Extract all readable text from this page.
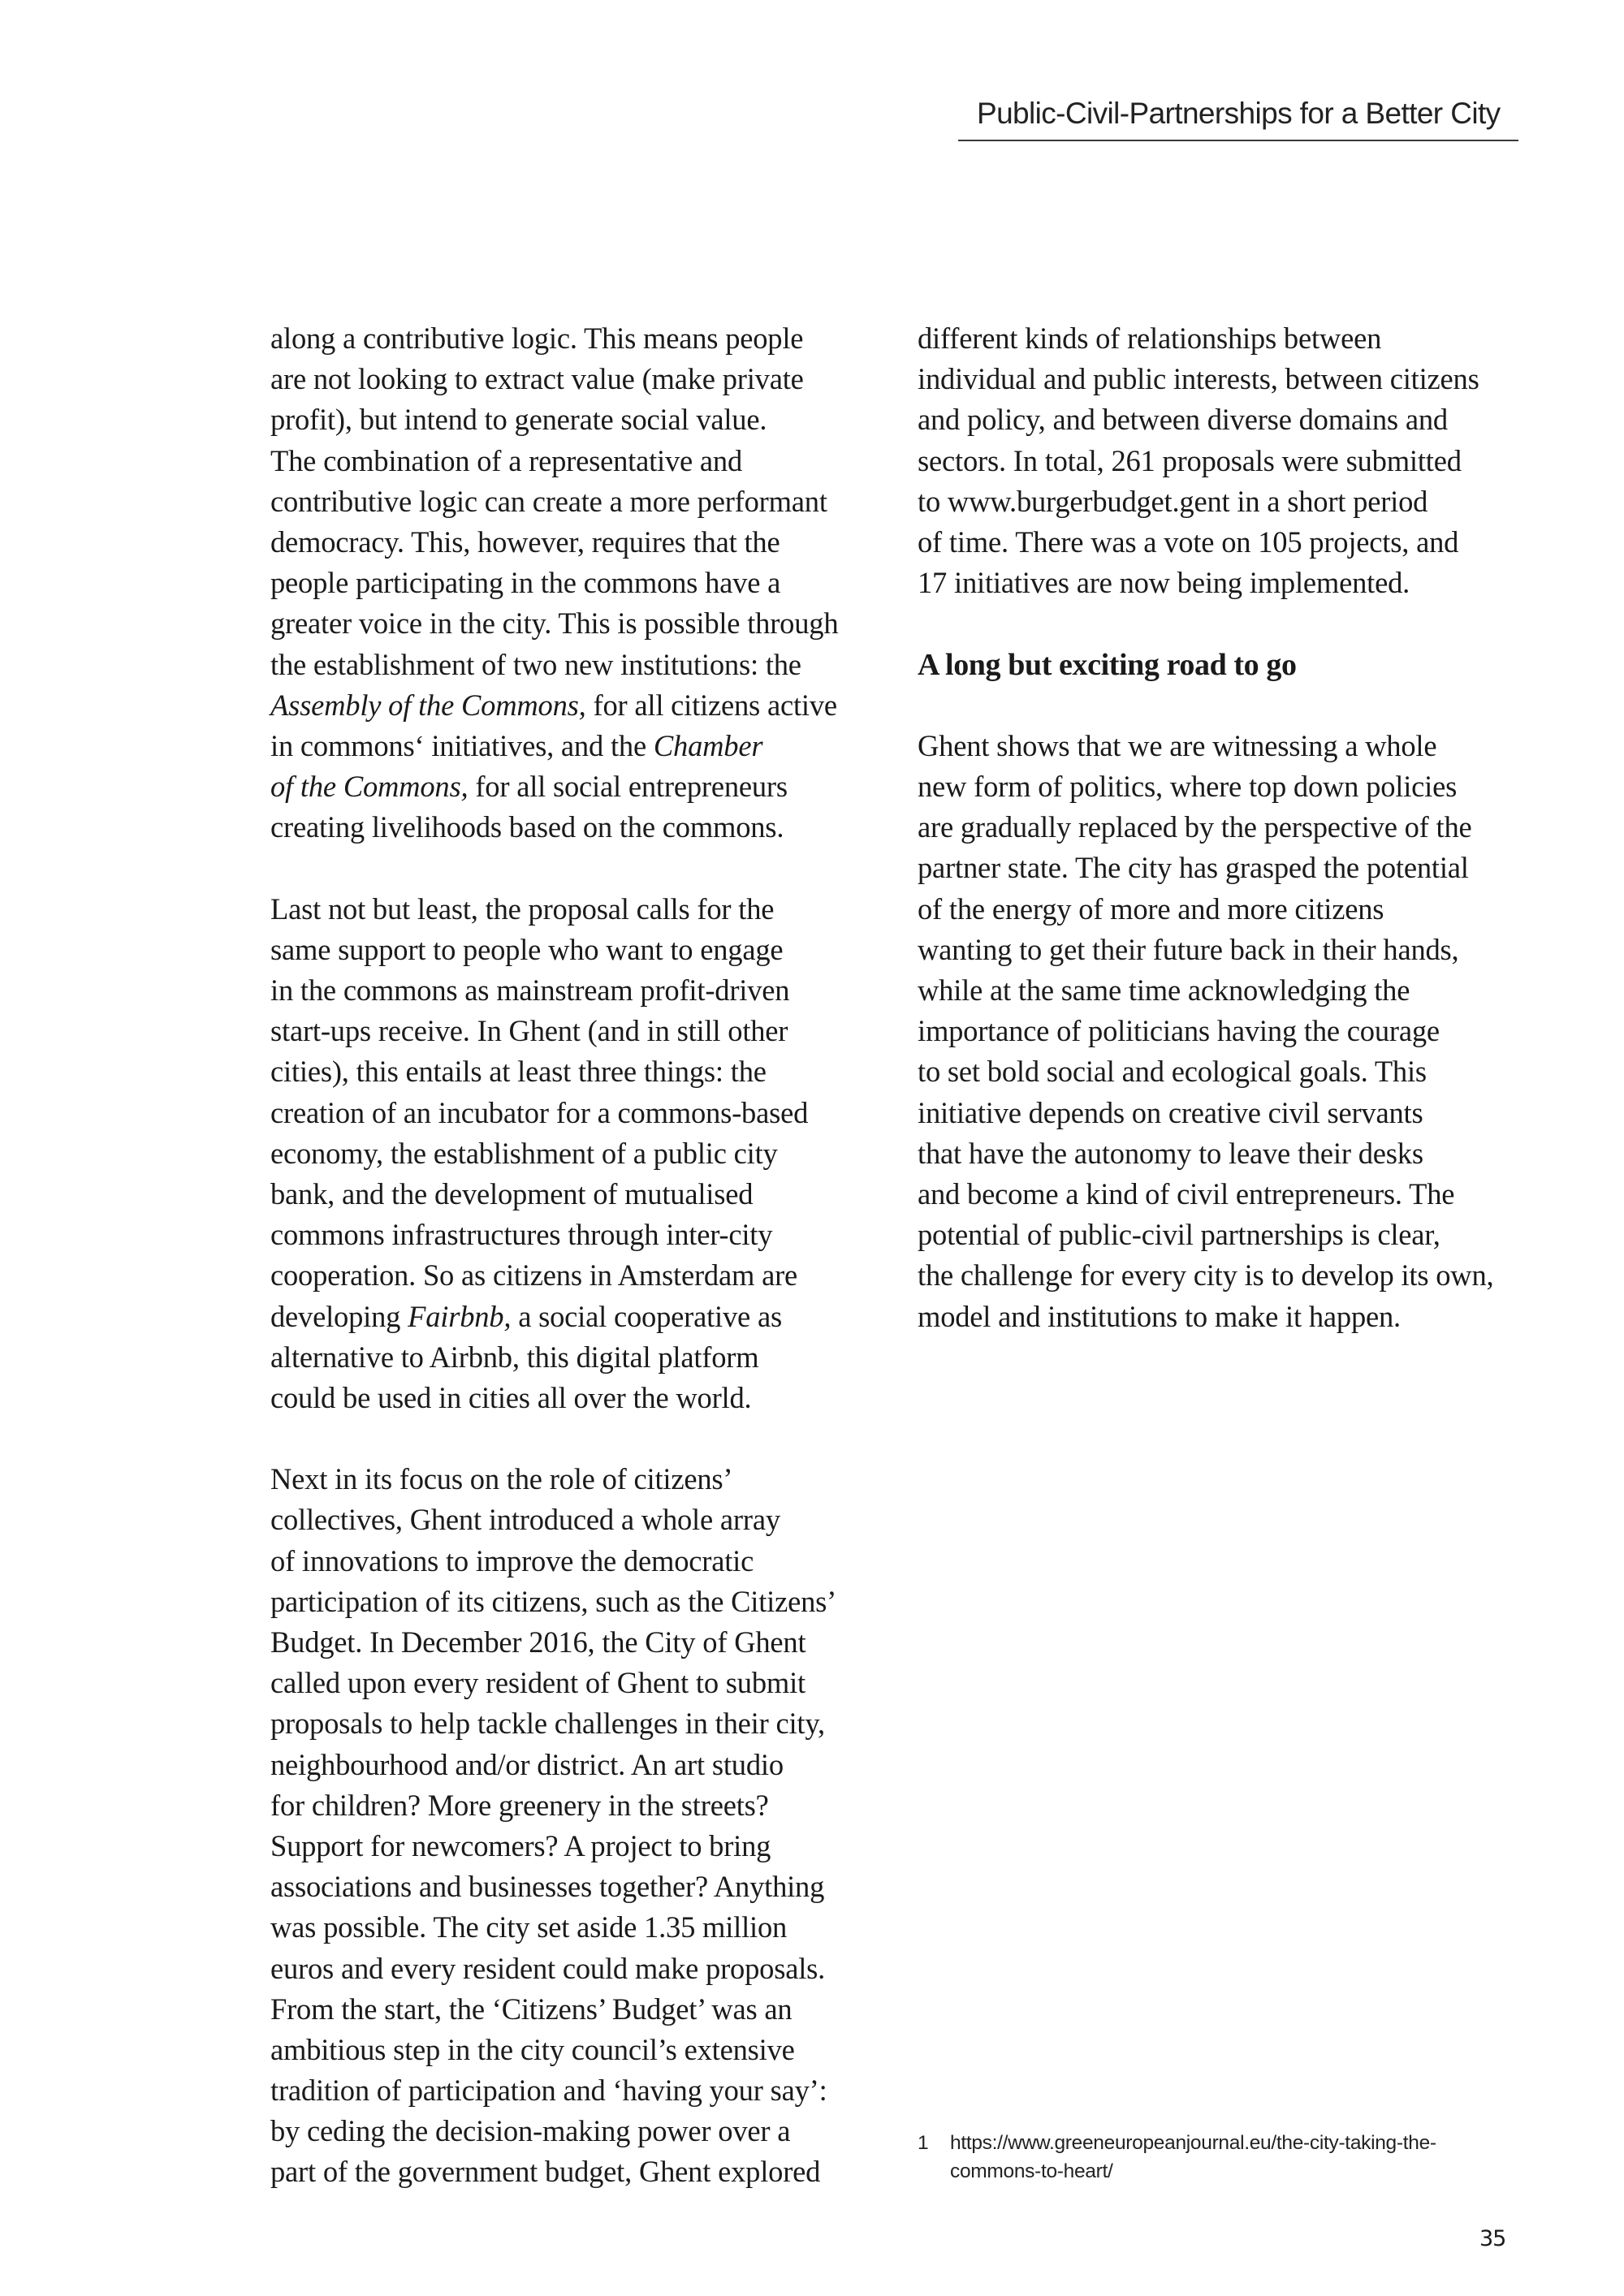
Public-Civil-Partnerships for a Better City
along a contributive logic. This means people
are not looking to extract value (make private
profit), but intend to generate social value.
The combination of a representative and
contributive logic can create a more performant
democracy. This, however, requires that the
people participating in the commons have a
greater voice in the city. This is possible through
the establishment of two new institutions: the
Assembly of the Commons, for all citizens active
in commons‘ initiatives, and the Chamber
of the Commons, for all social entrepreneurs
creating livelihoods based on the commons.
Last not but least, the proposal calls for the
same support to people who want to engage
in the commons as mainstream profit-driven
start-ups receive. In Ghent (and in still other
cities), this entails at least three things: the
creation of an incubator for a commons-based
economy, the establishment of a public city
bank, and the development of mutualised
commons infrastructures through inter-city
cooperation. So as citizens in Amsterdam are
developing Fairbnb, a social cooperative as
alternative to Airbnb, this digital platform
could be used in cities all over the world.
Next in its focus on the role of citizens’
collectives, Ghent introduced a whole array
of innovations to improve the democratic
participation of its citizens, such as the Citizens’
Budget. In December 2016, the City of Ghent
called upon every resident of Ghent to submit
proposals to help tackle challenges in their city,
neighbourhood and/or district. An art studio
for children? More greenery in the streets?
Support for newcomers? A project to bring
associations and businesses together? Anything
was possible. The city set aside 1.35 million
euros and every resident could make proposals.
From the start, the ‘Citizens’ Budget’ was an
ambitious step in the city council’s extensive
tradition of participation and ‘having your say’:
by ceding the decision-making power over a
part of the government budget, Ghent explored
different kinds of relationships between
individual and public interests, between citizens
and policy, and between diverse domains and
sectors. In total, 261 proposals were submitted
to www.burgerbudget.gent in a short period
of time. There was a vote on 105 projects, and
17 initiatives are now being implemented.
A long but exciting road to go
Ghent shows that we are witnessing a whole
new form of politics, where top down policies
are gradually replaced by the perspective of the
partner state. The city has grasped the potential
of the energy of more and more citizens
wanting to get their future back in their hands,
while at the same time acknowledging the
importance of politicians having the courage
to set bold social and ecological goals. This
initiative depends on creative civil servants
that have the autonomy to leave their desks
and become a kind of civil entrepreneurs. The
potential of public-civil partnerships is clear,
the challenge for every city is to develop its own,
model and institutions to make it happen.
1 https://www.greeneuropeanjournal.eu/the-city-taking-the-
commons-to-heart/
35
